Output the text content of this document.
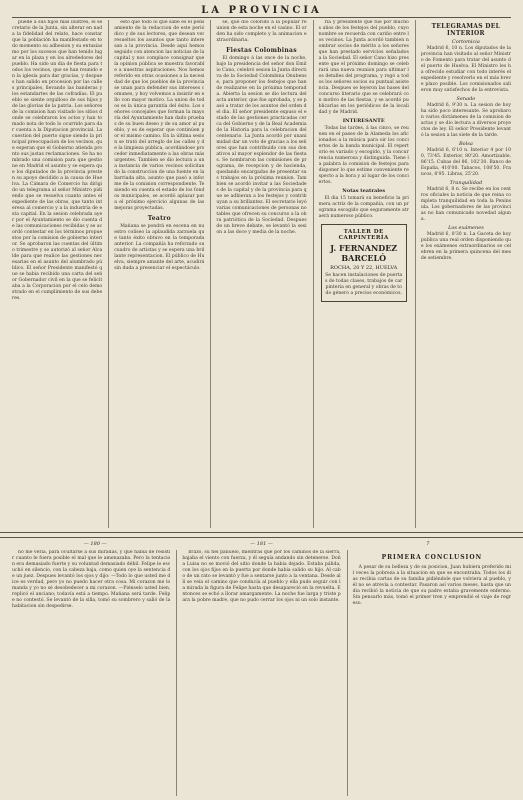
LA PROVINCIA

puede á sus hijos mas ilustres, el secretario de la Junta, sin alterar en nada la fidelidad del relato, hace constar que la población ha manifestado en todo momento su adhesion y su entusiasmo por los sucesos que han tenido lugar en la plaza y en los alrededores del pueblo. Ha sido un dia de fiesta para todos los vecinos, que se han reunido en la iglesia para dar gracias, y despues han salido en procesion por las calles principales, llevando las banderas y los estandartes de las cofradías. El pueblo se siente orgulloso de sus hijos y de las glorias de la patria. Los señores de la comision han visitado los sitios donde se celebraron los actos y han tomado nota de todo lo ocurrido para dar cuenta a la Diputacion provincial. La cuestion del puerto sigue siendo la principal preocupacion de los vecinos, que esperan que el Gobierno atienda pronto sus justas reclamaciones. Se ha nombrado una comision para que gestione en Madrid el asunto y se espera que los diputados de la provincia presten su apoyo decidido a la causa de Huelva. La Cámara de Comercio ha dirigido un telegrama al señor Ministro pidiendo que se resuelva cuanto antes el expediente de las obras, que tanto interesa al comercio y a la industria de esta capital. En la sesion celebrada ayer por el Ayuntamiento se dio cuenta de las comunicaciones recibidas y se acordó contestar en los términos propuestos por la comision de gobierno interior. Se aprobaron las cuentas del último trimestre y se autorizó al señor Alcalde para que realice las gestiones necesarias en el asunto del alumbrado público. El señor Presidente manifestó que se habia recibido una carta del señor Gobernador civil en la que se felicitaba a la Corporacion por el celo demostrado en el cumplimiento de sus deberes.

esto que todo lo que sabe es el pensamiento de la redaccion de este periódico y de sus lectores, que desean ver resueltos los asuntos que tanto interesan a la provincia. Desde aquí hemos seguido con atencion las noticias de la capital y nos complace consignar que la opinion pública se muestra favorable a nuestras aspiraciones. Nos hemos referido en otras ocasiones a la necesidad de que los pueblos de la provincia se unan para defender sus intereses comunes, y hoy volvemos a insistir en ello con mayor motivo. La union de todos es la única garantía del éxito. Los señores concejales que forman la mayoría del Ayuntamiento han dado pruebas de su buen deseo y de su amor al pueblo, y es de esperar que continúen por el mismo camino. En la última sesion se trató del arreglo de las calles y de la limpieza pública, acordándose proceder inmediatamente a las obras más urgentes. Tambien se dio lectura a una instancia de varios vecinos solicitando la construccion de una fuente en la barriada alta, asunto que pasó a informe de la comision correspondiente. Teniendo en cuenta el estado de los fondos municipales, se acordó aplazar para el próximo ejercicio algunas de las mejoras proyectadas.

Teatro

Mañana se pondrá en escena en nuestro coliseo la aplaudida zarzuela que tanto éxito obtuvo en la temporada anterior. La compañía ha reforzado su cuadro de artistas y se espera una brillante representacion. El público de Huelva, siempre amante del arte, acudirá sin duda a presenciar el espectáculo.

se, que dió colorido á la popular reunion de esta noche en el casino. El orden ha sido completo y la animacion extraordinaria.

Fiestas Colombinas

El domingo á las once de la noche, bajo la presidencia del señor don Emilio Cano, celebró sesion la Junta directiva de la Sociedad Colombina Onubense, para proponer los festejos que han de realizarse en la próxima temporada. Abierta la sesion se dio lectura del acta anterior, que fue aprobada, y se pasó a tratar de los asuntos del orden del dia. El señor presidente expuso el estado de las gestiones practicadas cerca del Gobierno y de la Real Academia de la Historia para la celebracion del centenario. La Junta acordó por unanimidad dar un voto de gracias a los señores que han contribuido con sus donativos al mayor esplendor de las fiestas. Se nombraron las comisiones de programa, de recepcion y de hacienda, quedando encargadas de presentar sus trabajos en la próxima reunion. Tambien se acordó invitar a las Sociedades de la capital y de la provincia para que se adhieran a los festejos y contribuyan a su brillantez. El secretario leyó varias comunicaciones de personas notables que ofrecen su concurso a la obra patriótica de la Sociedad. Despues de un breve debate, se levantó la sesion a las doce y media de la noche.

ria y presidente que fué por muchos años de los festejos del pueblo, cuyo nombre se recuerda con cariño entre los vecinos. La Junta acordó tambien nombrar socios de mérito a los señores que han prestado servicios señalados a la Sociedad. El señor Cano hizo presente que el próximo domingo se celebrará una nueva reunion para ultimar los detalles del programa, y rogó a todos los señores socios su puntual asistencia. Despues se leyeron las bases del concurso literario que se celebrará con motivo de las fiestas, y se acordó publicarlas en los periódicos de la localidad y de Madrid.

INTERESANTE

Todas las tardes, á las cinco, se reunen en el paseo de la Alameda los aficionados a la música para oir los conciertos de la banda municipal. El repertorio es variado y escogido, y la concurrencia numerosa y distinguida. Tiene la palabra la comision de festejos para disponer lo que estime conveniente respecto a la hora y al lugar de los conciertos.

Notas teatrales

El dia 15 tomará su beneficio la primera actriz de la compañía, con un programa escogido que seguramente atraerá numeroso público.

TALLER DE CARPINTERÍA
J. FERNANDEZ BARCELÓ
ROCHA, 20 Y 22, HUELVA
Se hacen instalaciones de puertas de todas clases, trabajos de carpintería en general y obras de todo género a precios económicos.
TELEGRAMAS DEL INTERIOR
Cortomicia

Madrid 6, 10 n. Los diputados de la provincia han visitado al señor Ministro de Fomento para tratar del asunto del puerto de Huelva. El Ministro les ha ofrecido estudiar con todo interés el expediente y resolverlo en el más breve plazo posible. Los comisionados salieron muy satisfechos de la entrevista.

Senado

Madrid 6, 9'30 n. La sesion de hoy ha sido poco interesante. Se aprobaron varios dictámenes de la comision de actas y se dio lectura a diversos proyectos de ley. El señor Presidente levantó la sesion a las siete de la tarde.

Bolsa

Madrid 6, 6'10 n. Interior 4 por 100, 73'45. Exterior, 80'20. Amortizable, 86'15. Cubas del 86, 102'30. Banco de España, 410'00. Tabacos, 108'50. Francos, 8'95. Libras, 25'20.

Tranquilidad

Madrid 6, 8 n. Se recibe en los centros oficiales la noticia de que reina completa tranquilidad en toda la Península. Los gobernadores de las provincias no han comunicado novedad alguna.

Los exámenes

Madrid 6, 8'30 n. La Gaceta de hoy publica una real orden disponiendo que los exámenes extraordinarios se celebren en la primera quincena del mes de setiembre.

— 180 —	— 181 —	7

no me vería, para ocultarse á sus miradas, y que había de resistir cuanto le fuera posible el mal que le amenazaba. Pero la tentacion era demasiado fuerte y su voluntad demasiado débil. Felipe le escuchó en silencio, con la cabeza baja, como quien oye la sentencia de un juez. Despues levantó los ojos y dijo: —Todo lo que usted me dice es verdad, pero yo no puedo hacer otra cosa. Mi corazon me lo manda y yo no sé desobedecer a mi corazon. —Piénselo usted bien, replicó el anciano; todavía está a tiempo. Mañana será tarde. Felipe no contestó. Se levantó de la silla, tomó su sombrero y salió de la habitacion sin despedirse.

brazo, su fiel pañuelo, mientras que por los caminos de la sierra, bajaba el viento con fuerza, y él seguía andando sin detenerse. Doña Luisa no se movió del sitio donde la habia dejado. Estaba pálida, con los ojos fijos en la puerta por donde habia salido su hijo. Al cabo de un rato se levantó y fue a sentarse junto a la ventana. Desde allí se veía el camino que conducía al pueblo y ella pudo seguir con la mirada la figura de Felipe hasta que desapareció en la revuelta. Entonces se echó a llorar amargamente. La noche fue larga y triste para la pobre madre, que no pudo cerrar los ojos ni un solo instante.

PRIMERA CONCLUSION

A pesar de su belleza y de su posicion, Juan hubiera preferido mil veces la pobreza a la situacion en que se encontraba. Todos los dias recibia cartas de su familia pidiéndole que volviera al pueblo, y él no se atrevía a contestar. Pasaron así varios meses, hasta que un dia recibió la noticia de que su padre estaba gravemente enfermo. Sin pensarlo más, tomó el primer tren y emprendió el viaje de regreso.
